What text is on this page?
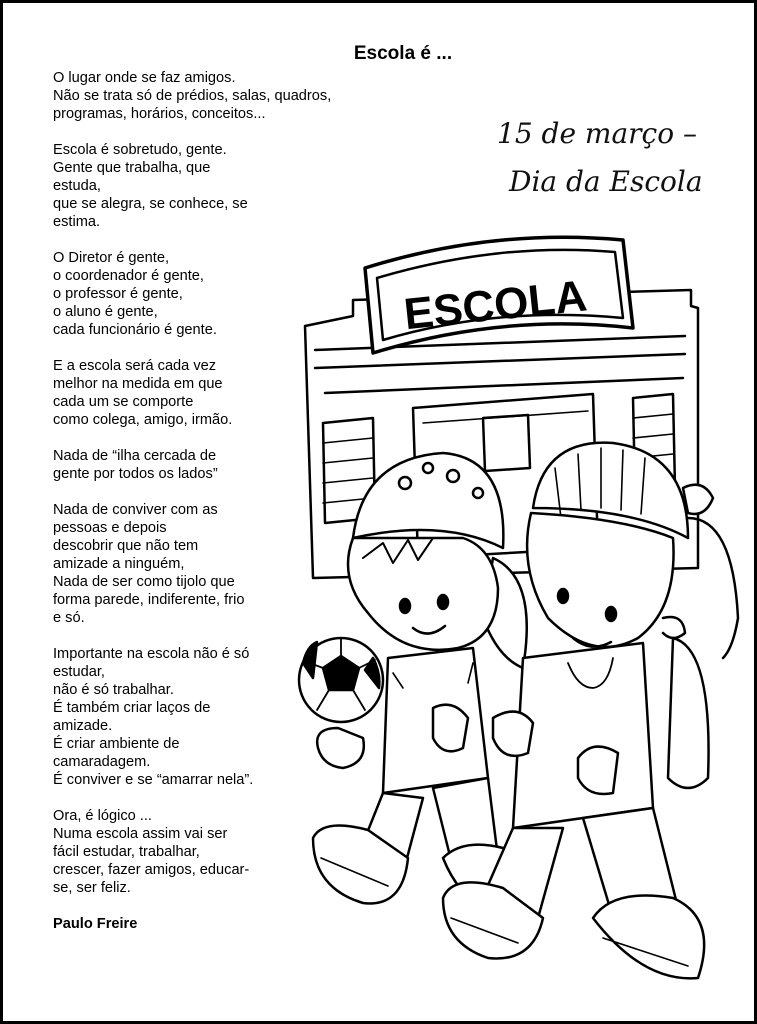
Escola é ...
O lugar onde se faz amigos.
Não se trata só de prédios, salas, quadros,
programas, horários, conceitos...
Escola é sobretudo, gente.
Gente que trabalha, que
estuda,
que se alegra, se conhece, se
estima.
O Diretor é gente,
o coordenador é gente,
o professor é gente,
o aluno é gente,
cada funcionário é gente.
E a escola será cada vez
melhor na medida em que
cada um se comporte
como colega, amigo, irmão.
Nada de “ilha cercada de
gente por todos os lados”
Nada de conviver com as
pessoas e depois
descobrir que não tem
amizade a ninguém,
Nada de ser como tijolo que
forma parede, indiferente, frio
e só.
Importante na escola não é só
estudar,
não é só trabalhar.
É também criar laços de
amizade.
É criar ambiente de
camaradagem.
É conviver e se “amarrar nela”.
Ora, é lógico ...
Numa escola assim vai ser
fácil estudar, trabalhar,
crescer, fazer amigos, educar-
se, ser feliz.
Paulo Freire
15 de março –
Dia da Escola
ESCOLA
